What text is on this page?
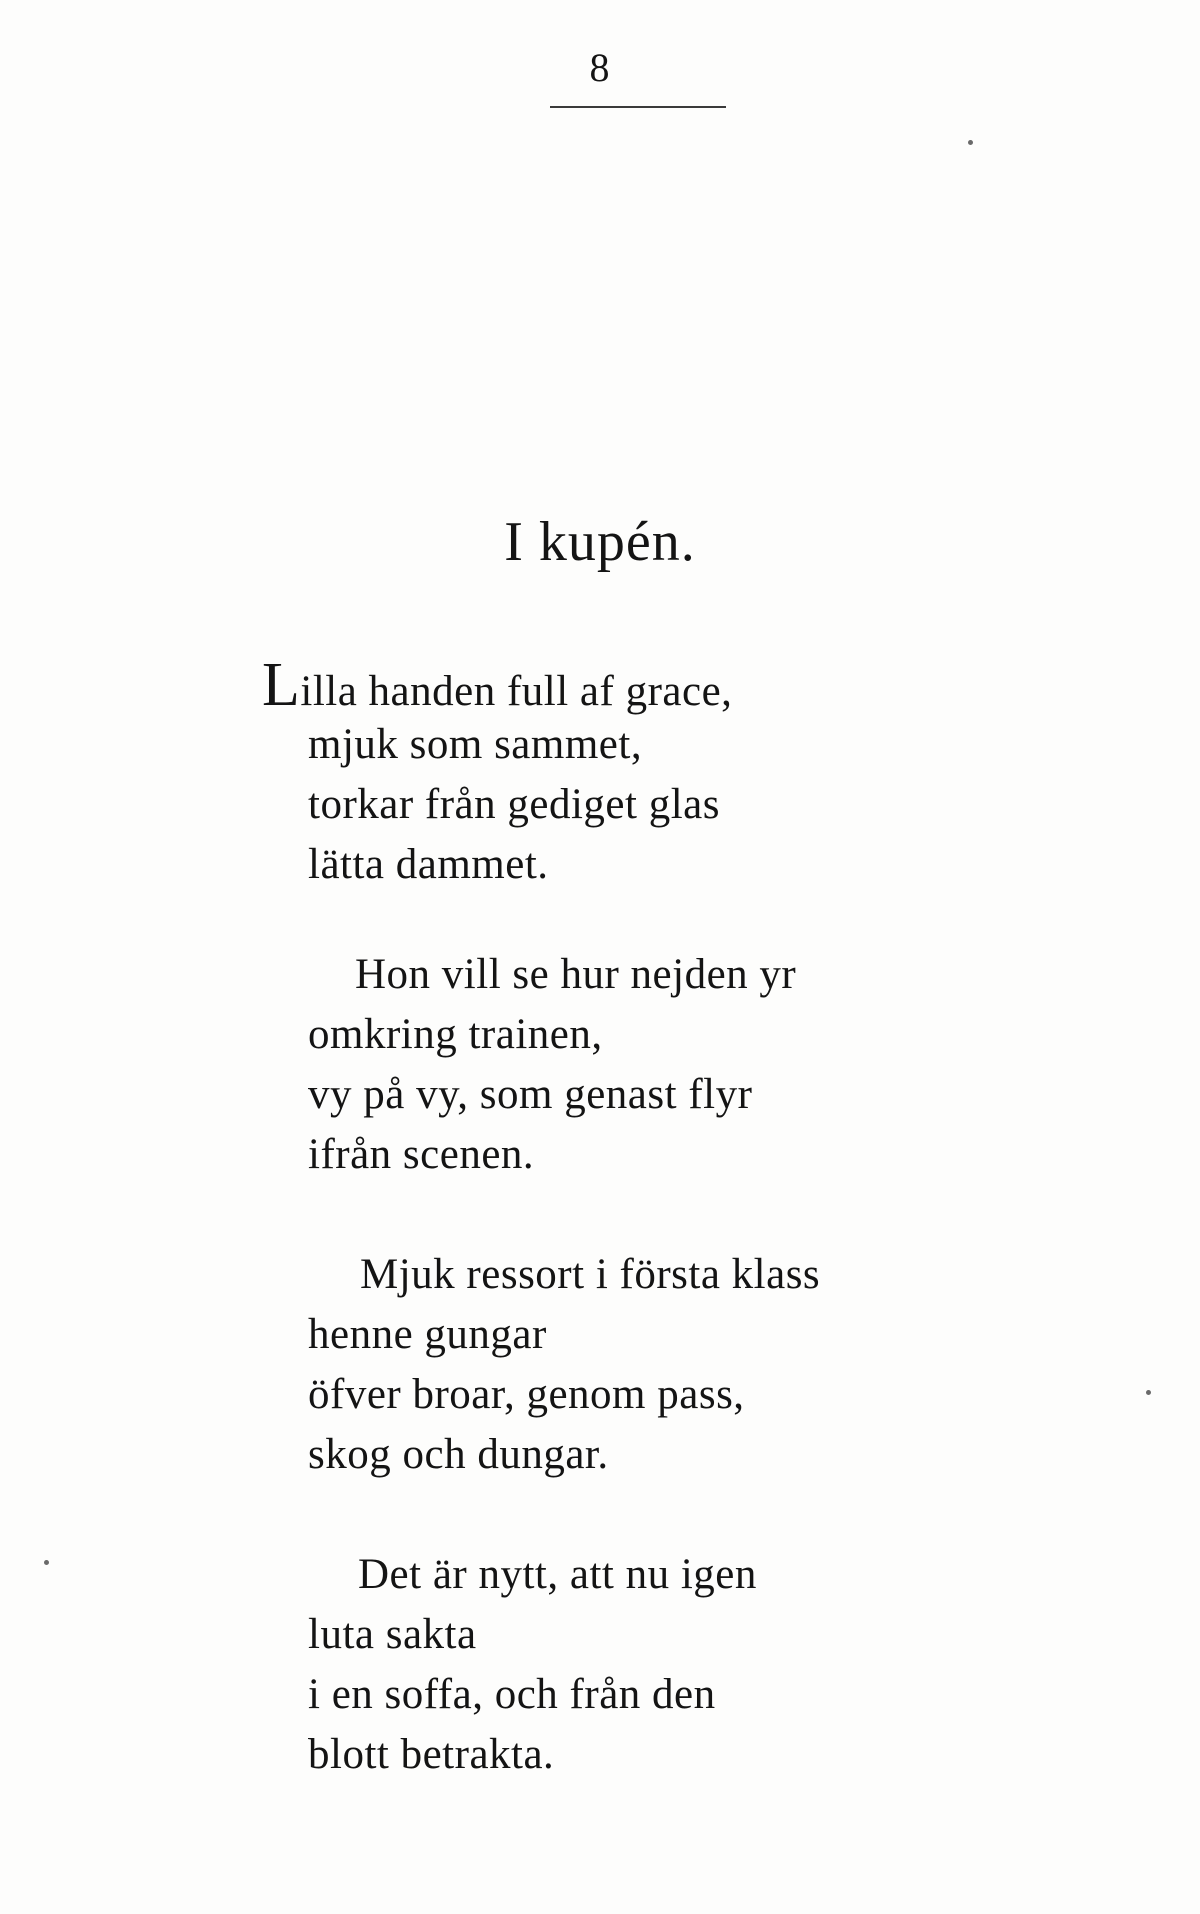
8
I kupén.
Lilla handen full af grace,
mjuk som sammet,
torkar från gediget glas
lätta dammet.
Hon vill se hur nejden yr
omkring trainen,
vy på vy, som genast flyr
ifrån scenen.
Mjuk ressort i första klass
henne gungar
öfver broar, genom pass,
skog och dungar.
Det är nytt, att nu igen
luta sakta
i en soffa, och från den
blott betrakta.
